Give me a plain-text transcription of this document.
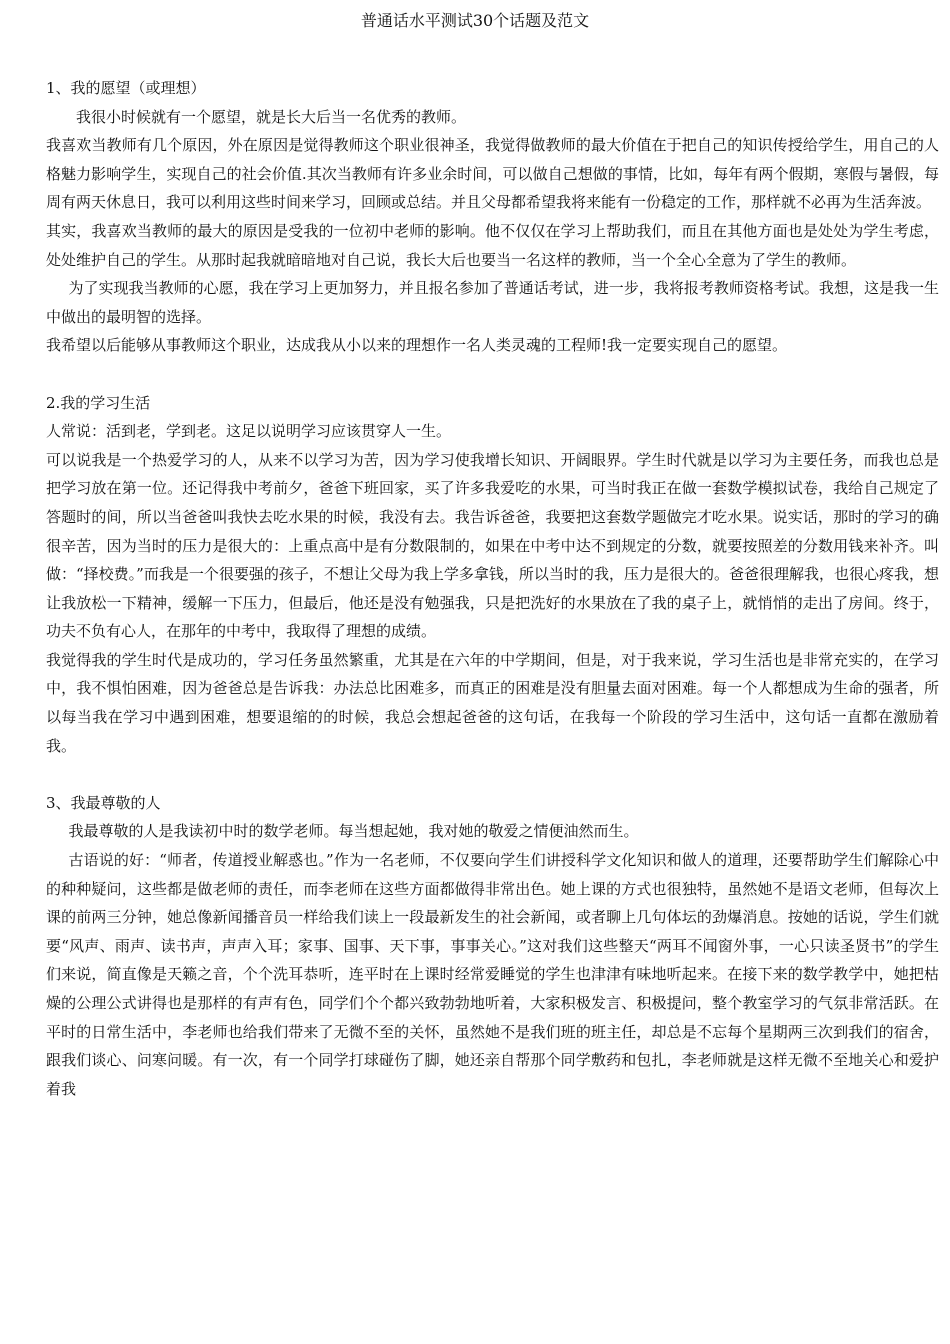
普通话水平测试30个话题及范文
1、我的愿望（或理想）

我很小时候就有一个愿望，就是长大后当一名优秀的教师。

我喜欢当教师有几个原因，外在原因是觉得教师这个职业很神圣，我觉得做教师的最大价值在于把自己的知识传授给学生，用自己的人格魅力影响学生，实现自己的社会价值.其次当教师有许多业余时间，可以做自己想做的事情，比如，每年有两个假期，寒假与暑假，每周有两天休息日，我可以利用这些时间来学习，回顾或总结。并且父母都希望我将来能有一份稳定的工作，那样就不必再为生活奔波。

其实，我喜欢当教师的最大的原因是受我的一位初中老师的影响。他不仅仅在学习上帮助我们，而且在其他方面也是处处为学生考虑，处处维护自己的学生。从那时起我就暗暗地对自己说，我长大后也要当一名这样的教师，当一个全心全意为了学生的教师。

为了实现我当教师的心愿，我在学习上更加努力，并且报名参加了普通话考试，进一步，我将报考教师资格考试。我想，这是我一生中做出的最明智的选择。

我希望以后能够从事教师这个职业，达成我从小以来的理想作一名人类灵魂的工程师!我一定要实现自己的愿望。

2.我的学习生活

人常说：活到老，学到老。这足以说明学习应该贯穿人一生。

可以说我是一个热爱学习的人，从来不以学习为苦，因为学习使我增长知识、开阔眼界。学生时代就是以学习为主要任务，而我也总是把学习放在第一位。还记得我中考前夕，爸爸下班回家，买了许多我爱吃的水果，可当时我正在做一套数学模拟试卷，我给自己规定了答题时的间，所以当爸爸叫我快去吃水果的时候，我没有去。我告诉爸爸，我要把这套数学题做完才吃水果。说实话，那时的学习的确很辛苦，因为当时的压力是很大的：上重点高中是有分数限制的，如果在中考中达不到规定的分数，就要按照差的分数用钱来补齐。叫做：“择校费。”而我是一个很要强的孩子，不想让父母为我上学多拿钱，所以当时的我，压力是很大的。爸爸很理解我，也很心疼我，想让我放松一下精神，缓解一下压力，但最后，他还是没有勉强我，只是把洗好的水果放在了我的桌子上，就悄悄的走出了房间。终于，功夫不负有心人，在那年的中考中，我取得了理想的成绩。

我觉得我的学生时代是成功的，学习任务虽然繁重，尤其是在六年的中学期间，但是，对于我来说，学习生活也是非常充实的，在学习中，我不惧怕困难，因为爸爸总是告诉我：办法总比困难多，而真正的困难是没有胆量去面对困难。每一个人都想成为生命的强者，所以每当我在学习中遇到困难，想要退缩的的时候，我总会想起爸爸的这句话，在我每一个阶段的学习生活中，这句话一直都在激励着我。

3、我最尊敬的人

我最尊敬的人是我读初中时的数学老师。每当想起她，我对她的敬爱之情便油然而生。

古语说的好：“师者，传道授业解惑也。”作为一名老师，不仅要向学生们讲授科学文化知识和做人的道理，还要帮助学生们解除心中的种种疑问，这些都是做老师的责任，而李老师在这些方面都做得非常出色。她上课的方式也很独特，虽然她不是语文老师，但每次上课的前两三分钟，她总像新闻播音员一样给我们读上一段最新发生的社会新闻，或者聊上几句体坛的劲爆消息。按她的话说，学生们就要“风声、雨声、读书声，声声入耳；家事、国事、天下事，事事关心。”这对我们这些整天“两耳不闻窗外事，一心只读圣贤书”的学生们来说，简直像是天籁之音，个个洗耳恭听，连平时在上课时经常爱睡觉的学生也津津有味地听起来。在接下来的数学教学中，她把枯燥的公理公式讲得也是那样的有声有色，同学们个个都兴致勃勃地听着，大家积极发言、积极提问，整个教室学习的气氛非常活跃。在平时的日常生活中，李老师也给我们带来了无微不至的关怀，虽然她不是我们班的班主任，却总是不忘每个星期两三次到我们的宿舍，跟我们谈心、问寒问暖。有一次，有一个同学打球碰伤了脚，她还亲自帮那个同学敷药和包扎，李老师就是这样无微不至地关心和爱护着我
